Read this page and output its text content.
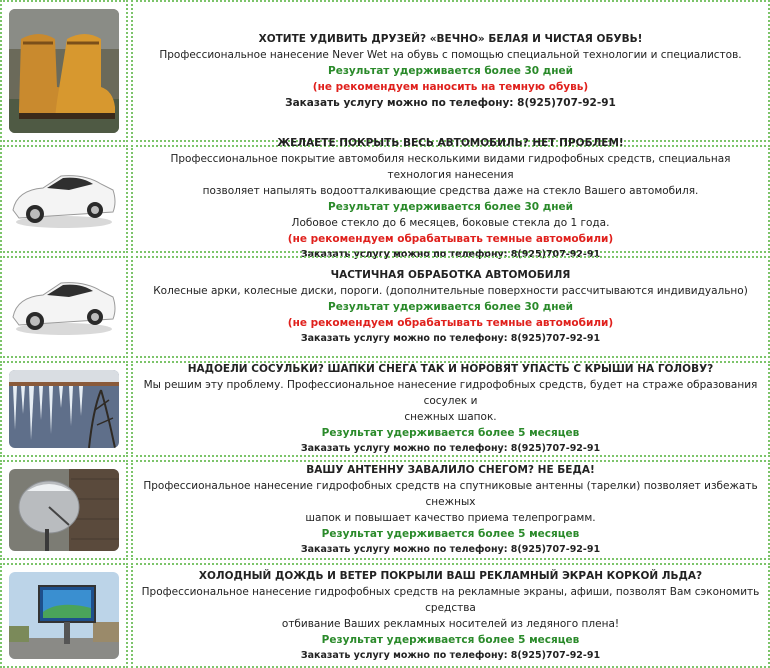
ХОТИТЕ УДИВИТЬ ДРУЗЕЙ? «ВЕЧНО» БЕЛАЯ И ЧИСТАЯ ОБУВЬ!
Профессиональное нанесение Never Wet на обувь с помощью специальной технологии и специалистов.
Результат удерживается более 30 дней
(не рекомендуем наносить на темную обувь)
Заказать услугу можно по телефону: 8(925)707-92-91
ЖЕЛАЕТЕ ПОКРЫТЬ ВЕСЬ АВТОМОБИЛЬ? НЕТ ПРОБЛЕМ!
Профессиональное покрытие автомобиля несколькими видами гидрофобных средств, специальная технология нанесения
позволяет напылять водоотталкивающие средства даже на стекло Вашего автомобиля.
Результат удерживается более 30 дней
Лобовое стекло до 6 месяцев, боковые стекла до 1 года.
(не рекомендуем обрабатывать темные автомобили)
Заказать услугу можно по телефону: 8(925)707-92-91
ЧАСТИЧНАЯ ОБРАБОТКА АВТОМОБИЛЯ
Колесные арки, колесные диски, пороги. (дополнительные поверхности рассчитываются индивидуально)
Результат удерживается более 30 дней
(не рекомендуем обрабатывать темные автомобили)
Заказать услугу можно по телефону: 8(925)707-92-91
НАДОЕЛИ СОСУЛЬКИ? ШАПКИ СНЕГА ТАК И НОРОВЯТ УПАСТЬ С КРЫШИ НА ГОЛОВУ?
Мы решим эту проблему. Профессиональное нанесение гидрофобных средств, будет на страже образования сосулек и
снежных шапок.
Результат удерживается более 5 месяцев
Заказать услугу можно по телефону: 8(925)707-92-91
ВАШУ АНТЕННУ ЗАВАЛИЛО СНЕГОМ? НЕ БЕДА!
Профессиональное нанесение гидрофобных средств на спутниковые антенны (тарелки) позволяет избежать снежных
шапок и повышает качество приема телепрограмм.
Результат удерживается более 5 месяцев
Заказать услугу можно по телефону: 8(925)707-92-91
ХОЛОДНЫЙ ДОЖДЬ И ВЕТЕР ПОКРЫЛИ ВАШ РЕКЛАМНЫЙ ЭКРАН КОРКОЙ ЛЬДА?
Профессиональное нанесение гидрофобных средств на рекламные экраны, афиши, позволят Вам сэкономить средства
отбивание Ваших рекламных носителей из ледяного плена!
Результат удерживается более 5 месяцев
Заказать услугу можно по телефону: 8(925)707-92-91
